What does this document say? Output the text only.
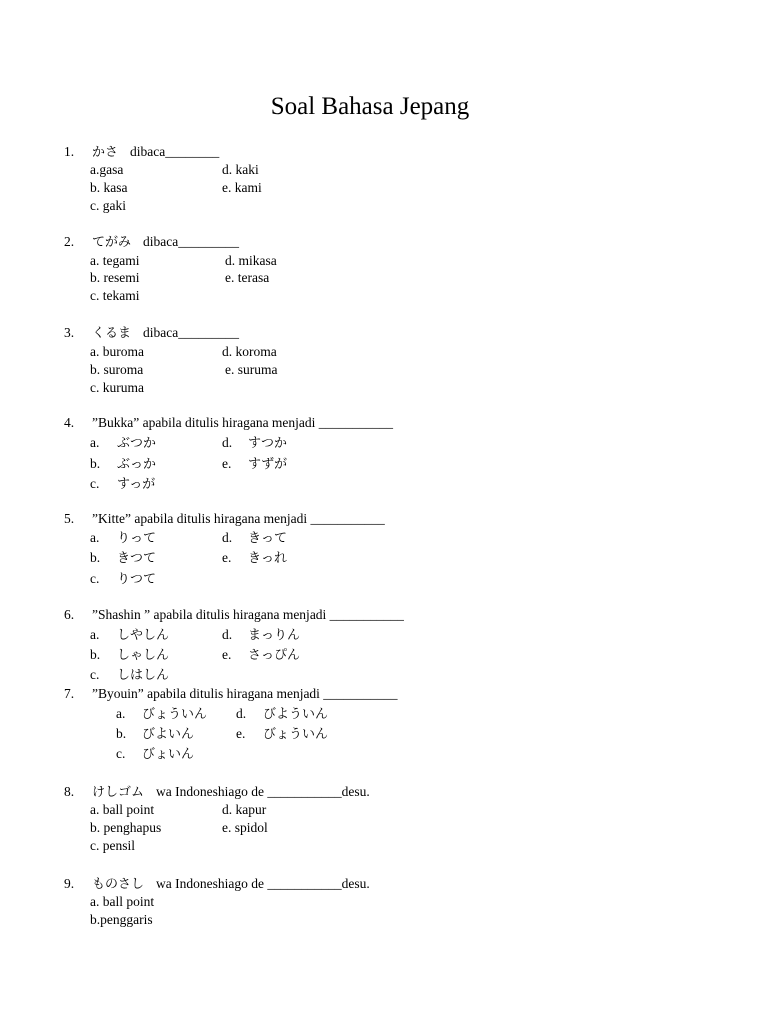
Soal Bahasa Jepang
1. かさ dibaca________
a.gasa
b. kasa
c. gaki
d. kaki
e. kami
2. てがみ dibaca_________
a. tegami
b. resemi
c. tekami
d. mikasa
e. terasa
3. くるま dibaca_________
a. buroma
b. suroma
c. kuruma
d. koroma
e. suruma
4. ”Bukka” apabila ditulis hiragana menjadi ___________
a. ぶつか
b. ぶっか
c. すっが
d. すつか
e. すずが
5. ”Kitte” apabila ditulis hiragana menjadi ___________
a. りって
b. きつて
c. りつて
d. きって
e. きっれ
6. ”Shashin ” apabila ditulis hiragana menjadi ___________
a. しやしん
b. しゃしん
c. しはしん
d. まっりん
e. さっぴん
7. ”Byouin” apabila ditulis hiragana menjadi ___________
a. びょういん
b. びよいん
c. びょいん
d. びよういん
e. びょういん
8. けしゴム wa Indoneshiago de ___________desu.
a. ball point
b. penghapus
c. pensil
d. kapur
e. spidol
9. ものさし wa Indoneshiago de ___________desu.
a. ball point
b.penggaris
